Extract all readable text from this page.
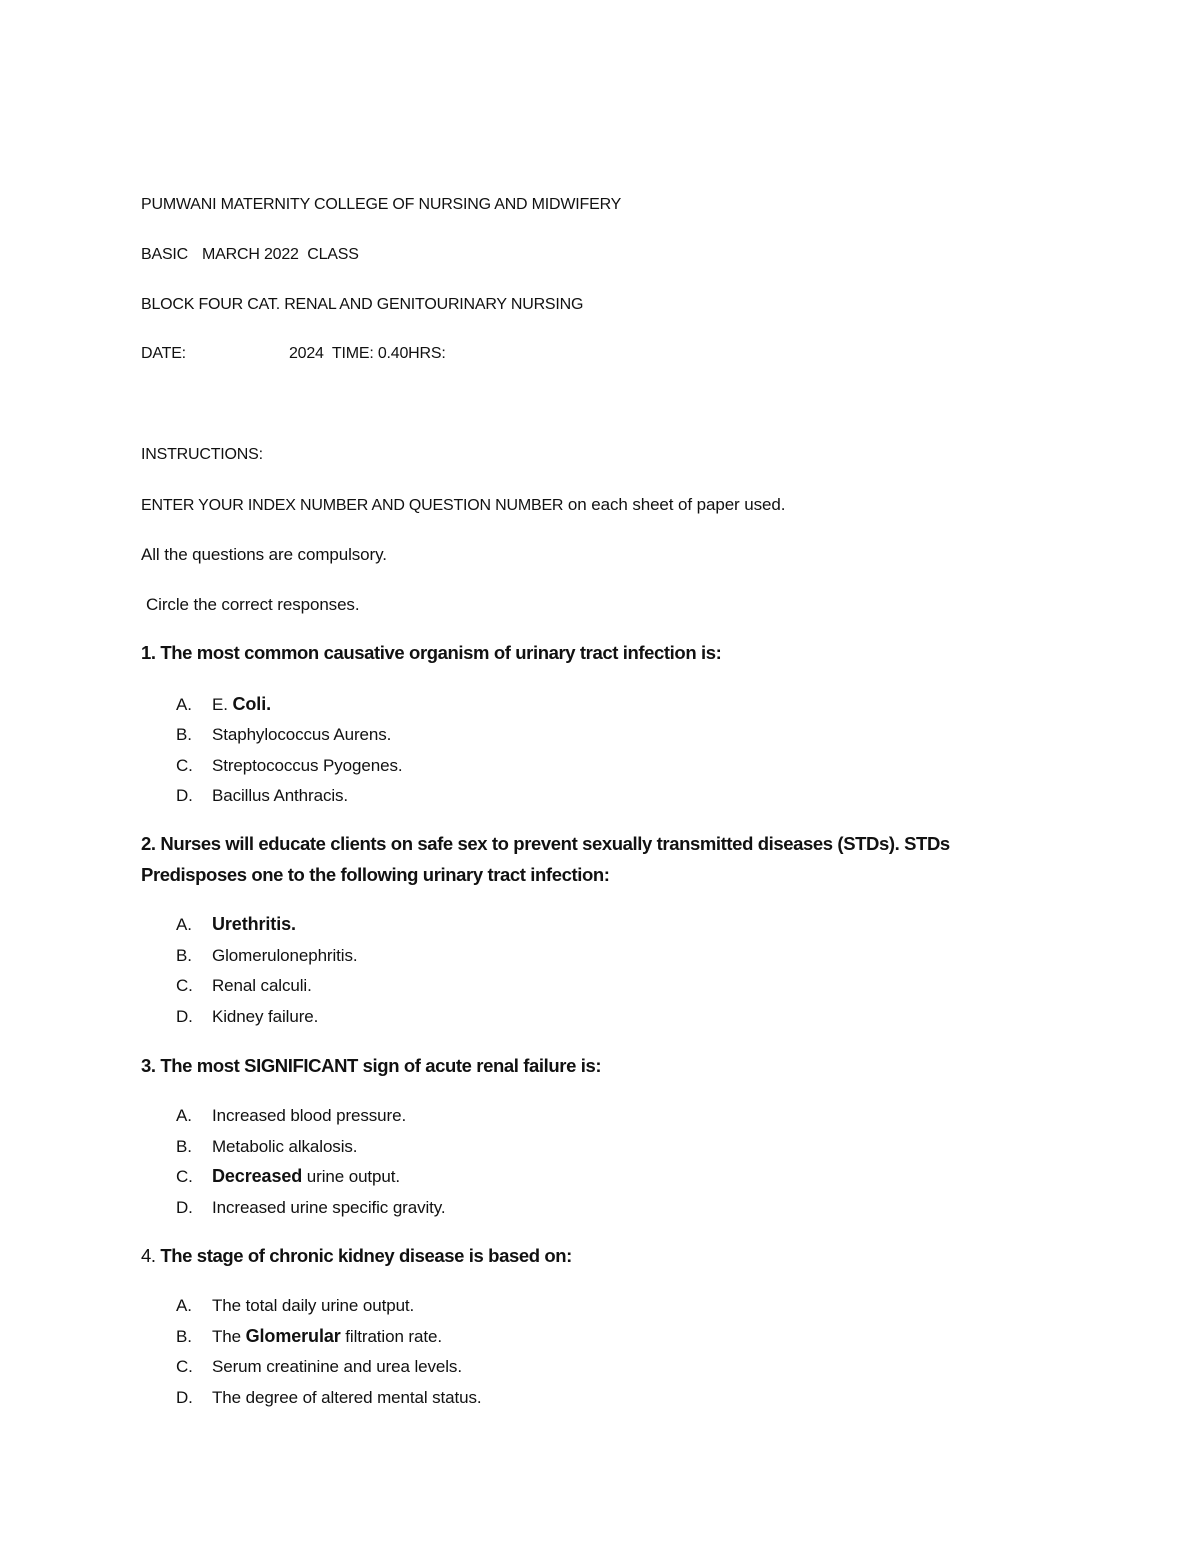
PUMWANI MATERNITY COLLEGE OF NURSING AND MIDWIFERY
BASIC MARCH 2022  CLASS
BLOCK FOUR CAT. RENAL AND GENITOURINARY NURSING
DATE:	2024  TIME: 0.40HRS:
INSTRUCTIONS:
ENTER YOUR INDEX NUMBER AND QUESTION NUMBER on each sheet of paper used.
All the questions are compulsory.
Circle the correct responses.
1. The most common causative organism of urinary tract infection is:
A. E. Coli.
B. Staphylococcus Aurens.
C. Streptococcus Pyogenes.
D. Bacillus Anthracis.
2. Nurses will educate clients on safe sex to prevent sexually transmitted diseases (STDs). STDs
Predisposes one to the following urinary tract infection:
A. Urethritis.
B. Glomerulonephritis.
C. Renal calculi.
D. Kidney failure.
3. The most SIGNIFICANT sign of acute renal failure is:
A. Increased blood pressure.
B. Metabolic alkalosis.
C. Decreased urine output.
D. Increased urine specific gravity.
4. The stage of chronic kidney disease is based on:
A. The total daily urine output.
B. The Glomerular filtration rate.
C. Serum creatinine and urea levels.
D. The degree of altered mental status.
